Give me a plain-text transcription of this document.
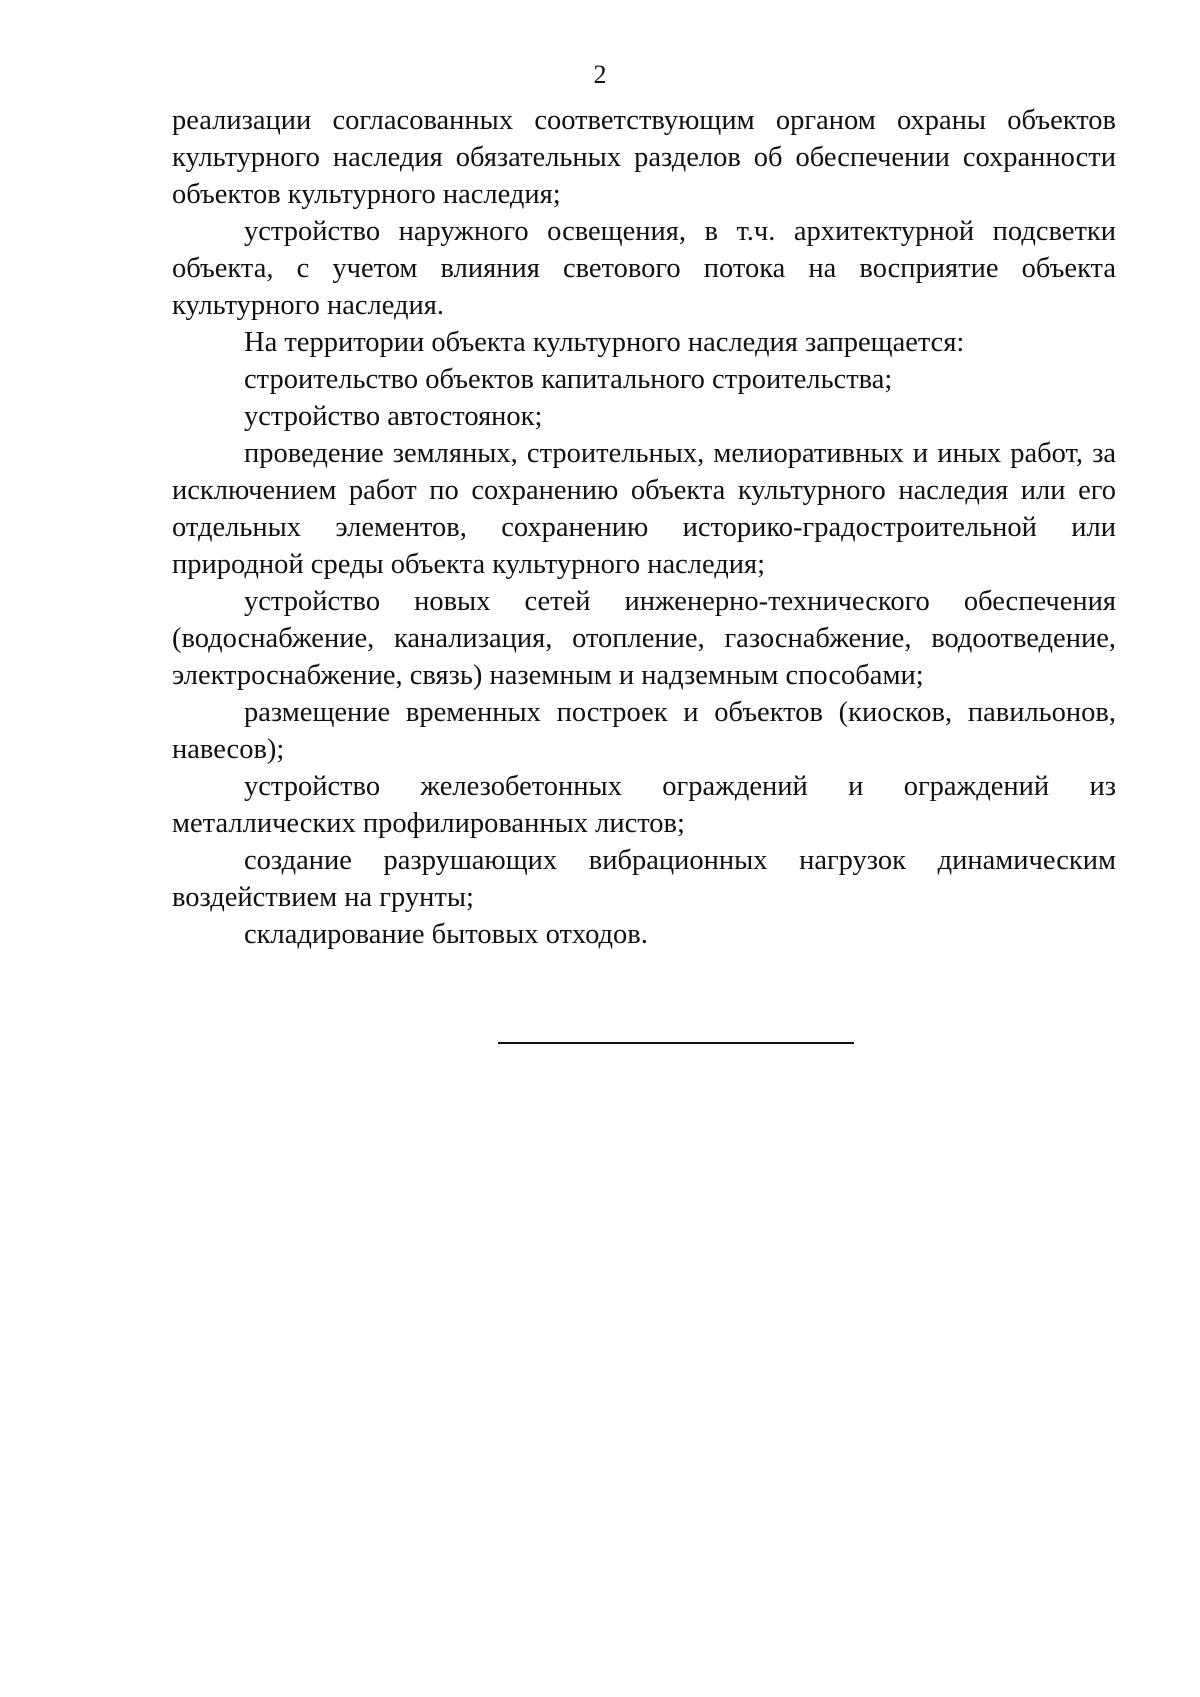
2

реализации согласованных соответствующим органом охраны объектов культурного наследия обязательных разделов об обеспечении сохранности объектов культурного наследия;

устройство наружного освещения, в т.ч. архитектурной подсветки объекта, с учетом влияния светового потока на восприятие объекта культурного наследия.

На территории объекта культурного наследия запрещается:

строительство объектов капитального строительства;

устройство автостоянок;

проведение земляных, строительных, мелиоративных и иных работ, за исключением работ по сохранению объекта культурного наследия или его отдельных элементов, сохранению историко-градостроительной или природной среды объекта культурного наследия;

устройство новых сетей инженерно-технического обеспечения (водоснабжение, канализация, отопление, газоснабжение, водоотведение, электроснабжение, связь) наземным и надземным способами;

размещение временных построек и объектов (киосков, павильонов, навесов);

устройство железобетонных ограждений и ограждений из металлических профилированных листов;

создание разрушающих вибрационных нагрузок динамическим воздействием на грунты;

складирование бытовых отходов.
